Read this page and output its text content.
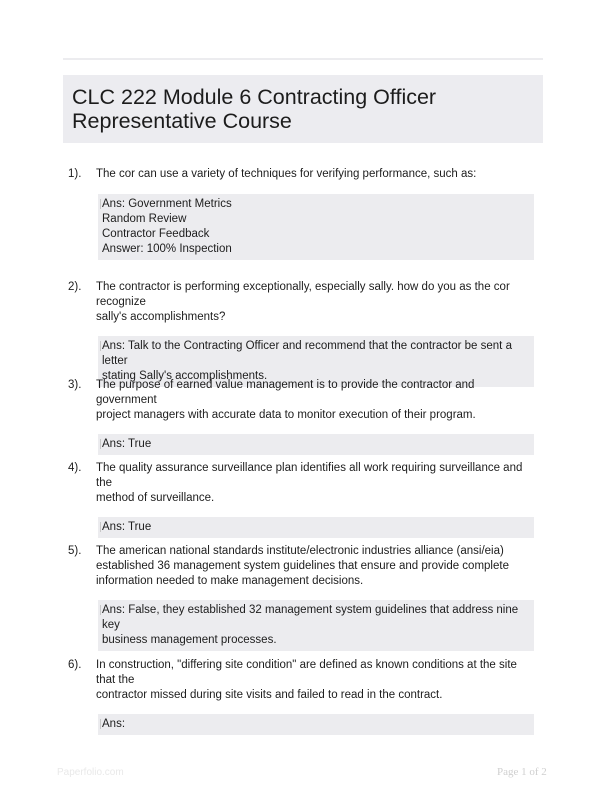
CLC 222 Module 6 Contracting Officer
Representative Course
1). The cor can use a variety of techniques for verifying performance, such as:
Ans: Government Metrics
Random Review
Contractor Feedback
Answer: 100% Inspection
2). The contractor is performing exceptionally, especially sally. how do you as the cor recognize
sally's accomplishments?
Ans: Talk to the Contracting Officer and recommend that the contractor be sent a letter
stating Sally's accomplishments.
3). The purpose of earned value management is to provide the contractor and government
project managers with accurate data to monitor execution of their program.
Ans: True
4). The quality assurance surveillance plan identifies all work requiring surveillance and the
method of surveillance.
Ans: True
5). The american national standards institute/electronic industries alliance (ansi/eia)
established 36 management system guidelines that ensure and provide complete
information needed to make management decisions.
Ans: False, they established 32 management system guidelines that address nine key
business management processes.
6). In construction, "differing site condition" are defined as known conditions at the site that the
contractor missed during site visits and failed to read in the contract.
Ans:
Paperfolio.com	Page 1 of 2
